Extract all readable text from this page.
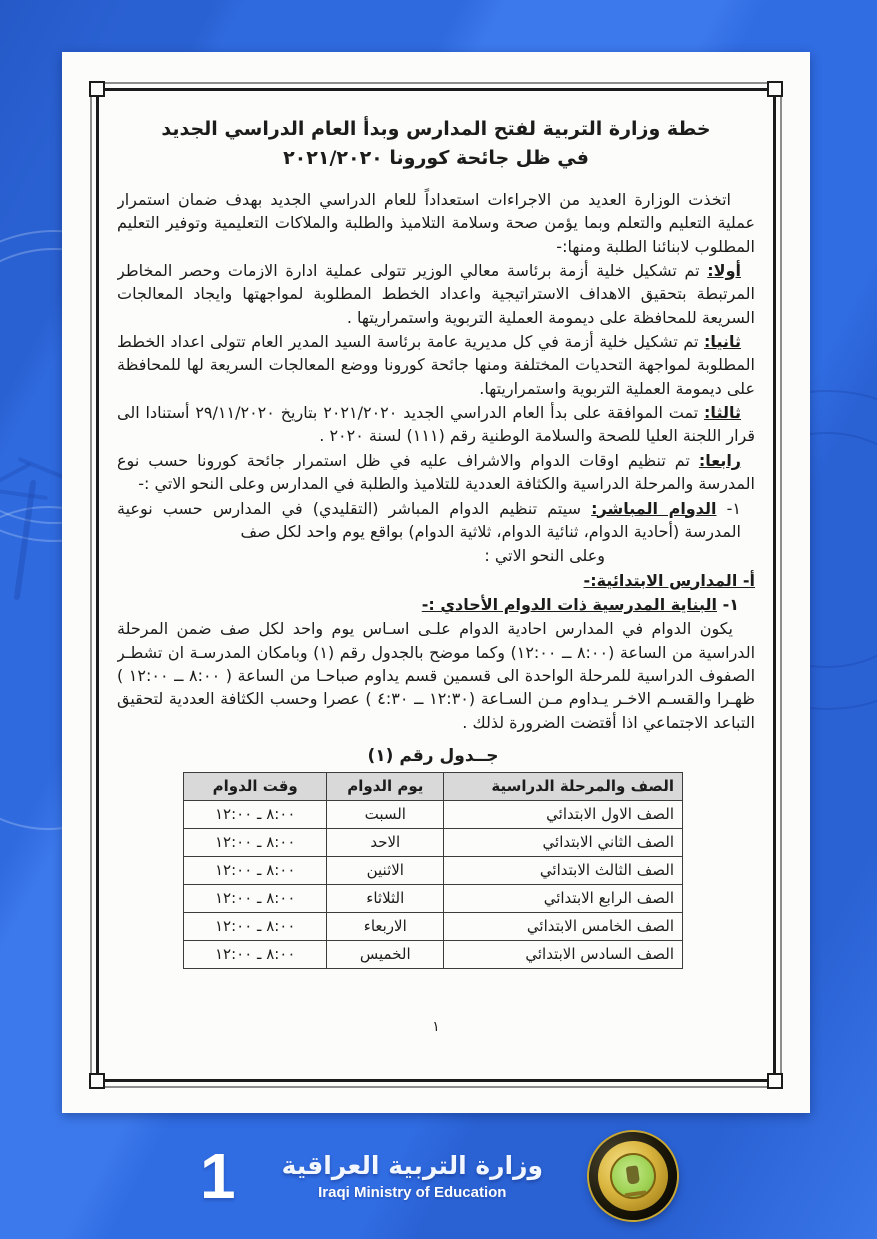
خطة وزارة التربية لفتح المدارس وبدأ العام الدراسي الجديد
في ظل جائحة كورونا ٢٠٢١/٢٠٢٠

اتخذت الوزارة العديد من الاجراءات استعداداً للعام الدراسي الجديد بهدف ضمان استمرار عملية التعليم والتعلم وبما يؤمن صحة وسلامة التلاميذ والطلبة والملاكات التعليمية وتوفير التعليم المطلوب لابنائنا الطلبة ومنها:-

أولا: تم تشكيل خلية أزمة برئاسة معالي الوزير تتولى عملية ادارة الازمات وحصر المخاطر المرتبطة بتحقيق الاهداف الاستراتيجية واعداد الخطط المطلوبة لمواجهتها وايجاد المعالجات السريعة للمحافظة على ديمومة العملية التربوية واستمراريتها .

ثانيا: تم تشكيل خلية أزمة في كل مديرية عامة برئاسة السيد المدير العام تتولى اعداد الخطط المطلوبة لمواجهة التحديات المختلفة ومنها جائحة كورونا ووضع المعالجات السريعة لها للمحافظة على ديمومة العملية التربوية واستمراريتها.

ثالثا: تمت الموافقة على بدأ العام الدراسي الجديد ٢٠٢١/٢٠٢٠ بتاريخ ٢٩/١١/٢٠٢٠ أستنادا الى قرار اللجنة العليا للصحة والسلامة الوطنية رقم (١١١) لسنة ٢٠٢٠ .

رابعا: تم تنظيم اوقات الدوام والاشراف عليه في ظل استمرار جائحة كورونا حسب نوع المدرسة والمرحلة الدراسية والكثافة العددية للتلاميذ والطلبة في المدارس وعلى النحو الاتي :-

١- الدوام المباشر: سيتم تنظيم الدوام المباشر (التقليدي) في المدارس حسب نوعية المدرسة (أحادية الدوام، ثنائية الدوام، ثلاثية الدوام) بواقع يوم واحد لكل صف

وعلى النحو الاتي :

أ- المدارس الابتدائية:-

١- البناية المدرسية ذات الدوام الأحادي :-

يكون الدوام في المدارس احادية الدوام علـى اسـاس يوم واحد لكل صف ضمن المرحلة الدراسية من الساعة (٨:٠٠ ــ ١٢:٠٠) وكما موضح بالجدول رقم (١) وبامكان المدرسـة ان تشطـر الصفوف الدراسية للمرحلة الواحدة الى قسمين قسم يداوم صباحـا من الساعة ( ٨:٠٠ ــ ١٢:٠٠ ) ظهـرا والقسـم الاخـر يـداوم مـن السـاعة (١٢:٣٠ ــ ٤:٣٠ ) عصرا وحسب الكثافة العددية لتحقيق التباعد الاجتماعي اذا أقتضت الضرورة لذلك .

جــدول رقم (١)
الصف والمرحلة الدراسية	يوم الدوام	وقت الدوام
الصف الاول الابتدائي	السبت	٨:٠٠ ـ ١٢:٠٠
الصف الثاني الابتدائي	الاحد	٨:٠٠ ـ ١٢:٠٠
الصف الثالث الابتدائي	الاثنين	٨:٠٠ ـ ١٢:٠٠
الصف الرابع الابتدائي	الثلاثاء	٨:٠٠ ـ ١٢:٠٠
الصف الخامس الابتدائي	الاربعاء	٨:٠٠ ـ ١٢:٠٠
الصف السادس الابتدائي	الخميس	٨:٠٠ ـ ١٢:٠٠
١
1 وزارة التربية العراقية
Iraqi Ministry of Education
